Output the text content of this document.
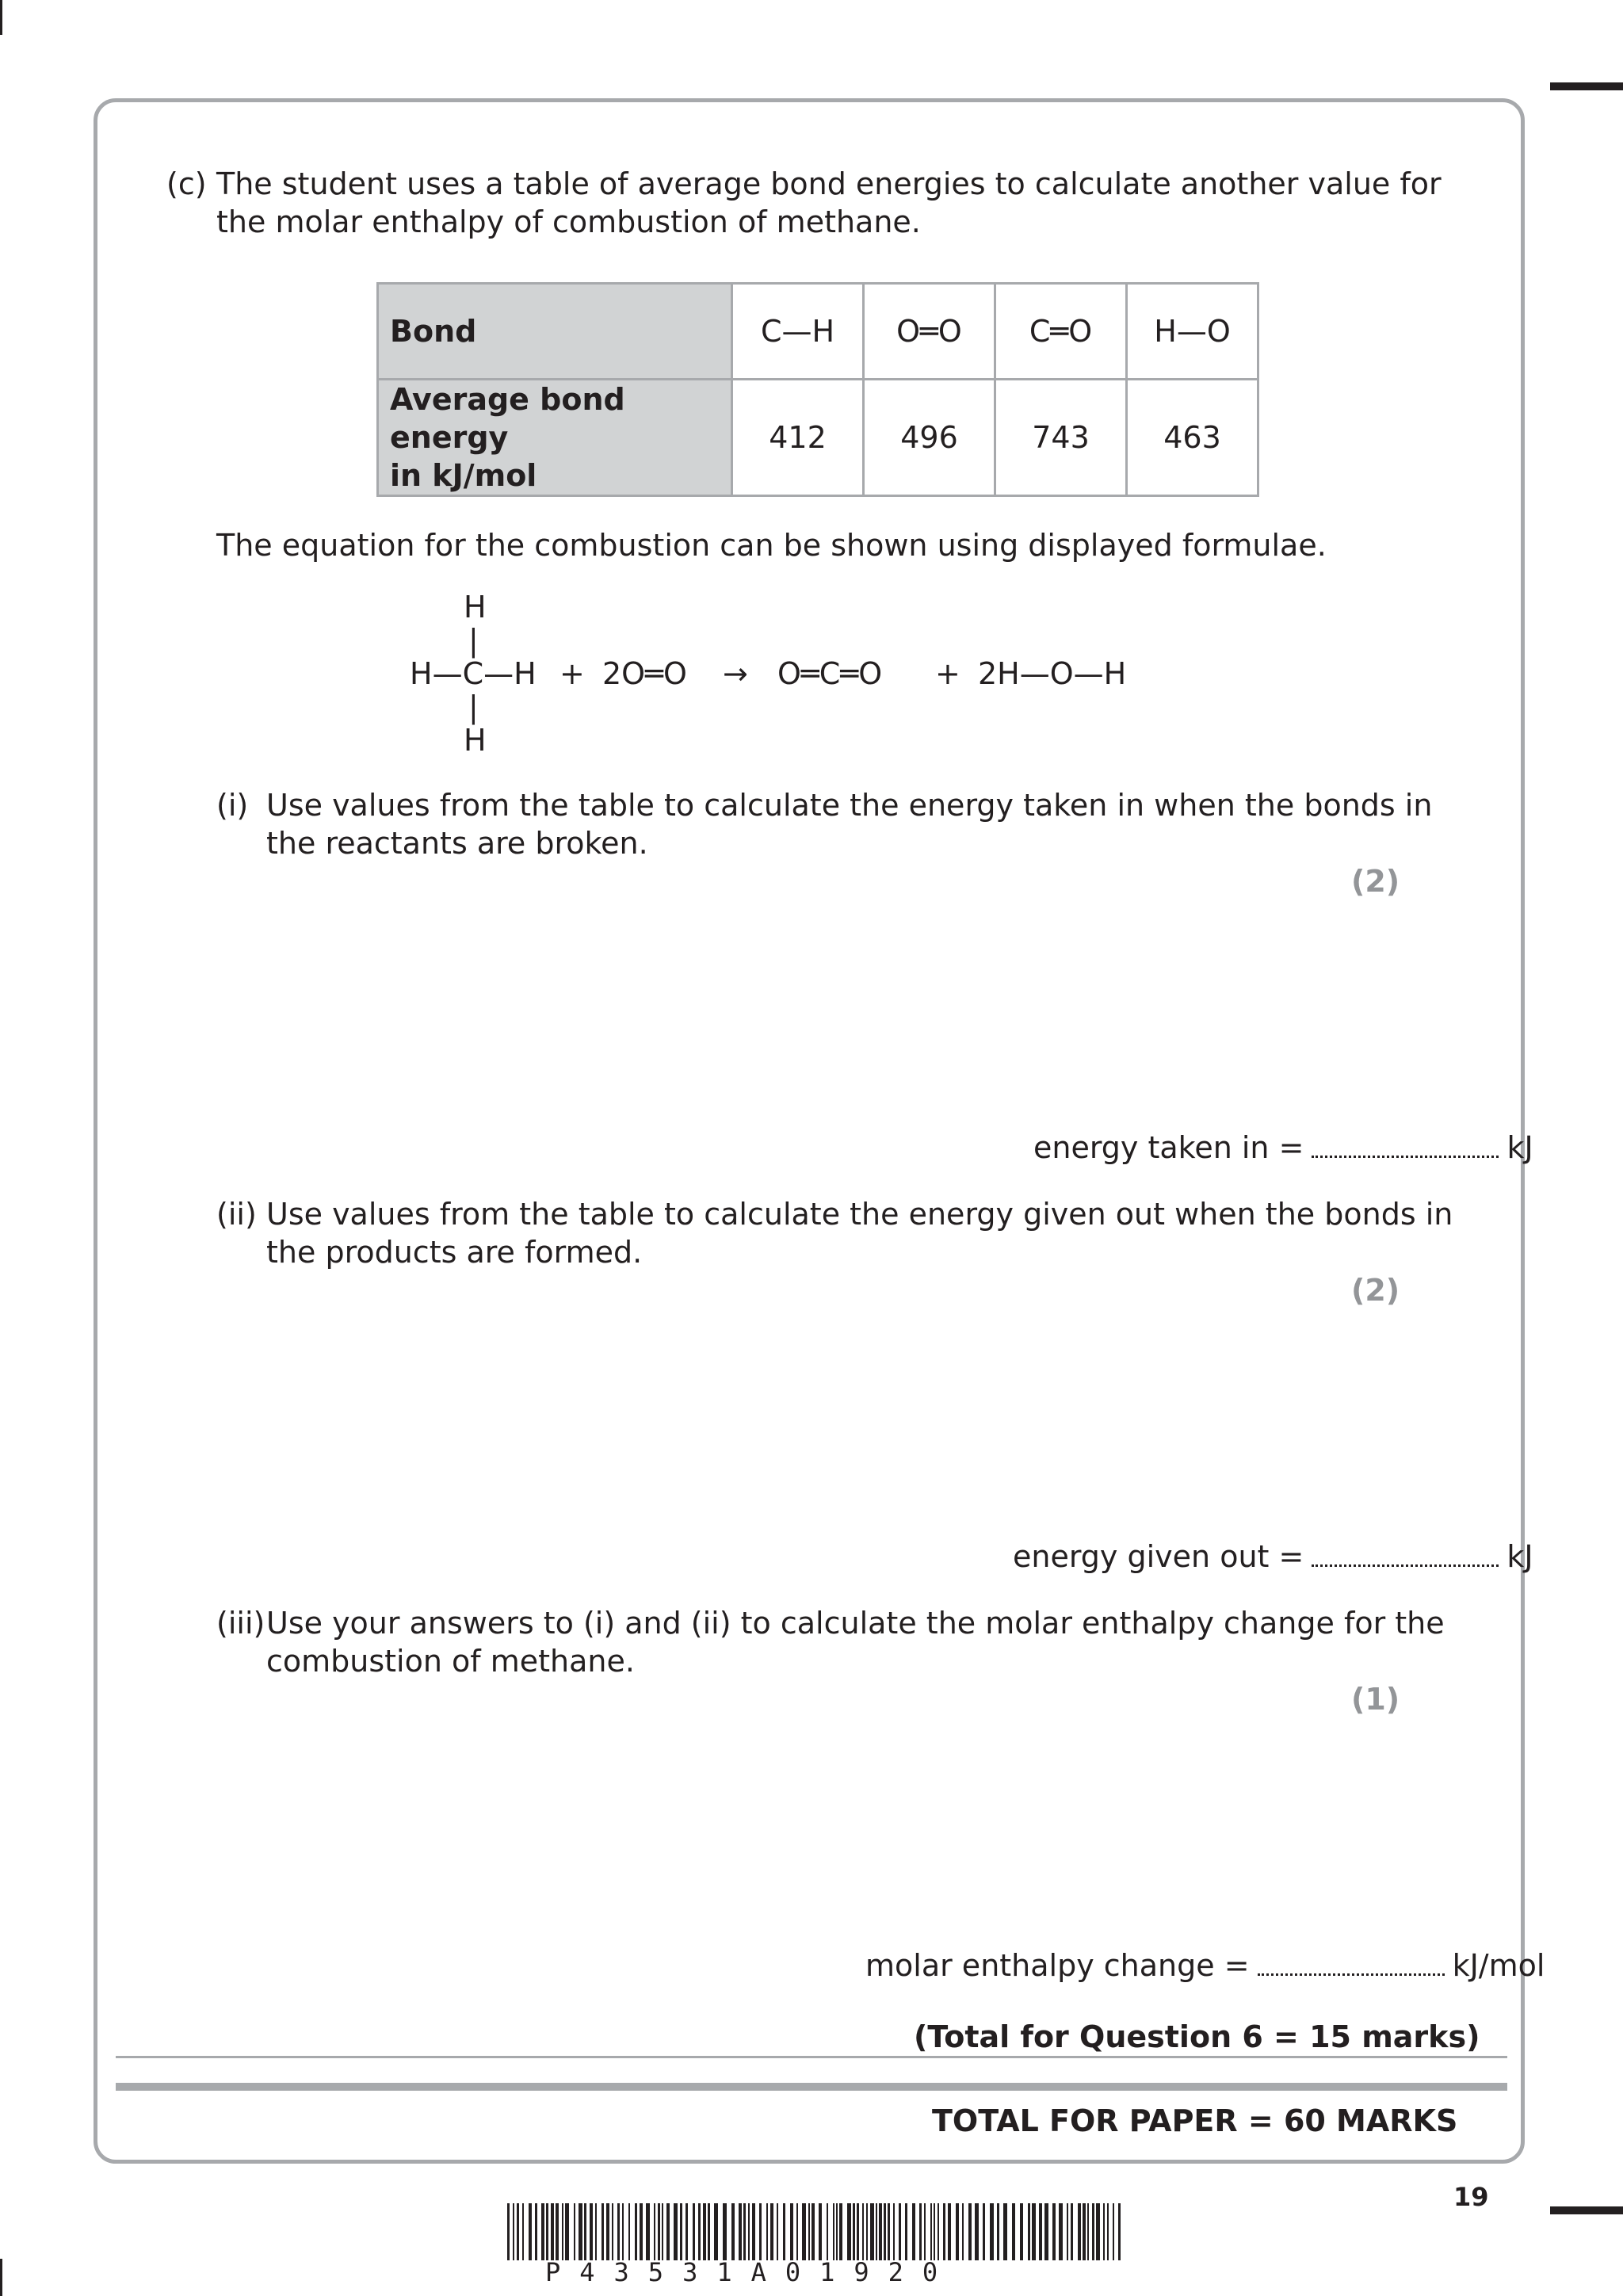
(c) The student uses a table of average bond energies to calculate another value for
the molar enthalpy of combustion of methane.
Bond	C—H	O═O	C═O	H—O

Average bond energy
in kJ/mol	412	496	743	463
The equation for the combustion can be shown using displayed formulae.
H
|
H—C—H
|
H
+ 2O═O → O═C═O + 2H—O—H
(i) Use values from the table to calculate the energy taken in when the bonds in
the reactants are broken.
(2)
energy taken in =	kJ
(ii) Use values from the table to calculate the energy given out when the bonds in
the products are formed.
(2)
energy given out =	kJ
(iii) Use your answers to (i) and (ii) to calculate the molar enthalpy change for the
combustion of methane.
(1)
molar enthalpy change =	kJ/mol
(Total for Question 6 = 15 marks)
TOTAL FOR PAPER = 60 MARKS
19
P43531A01920
